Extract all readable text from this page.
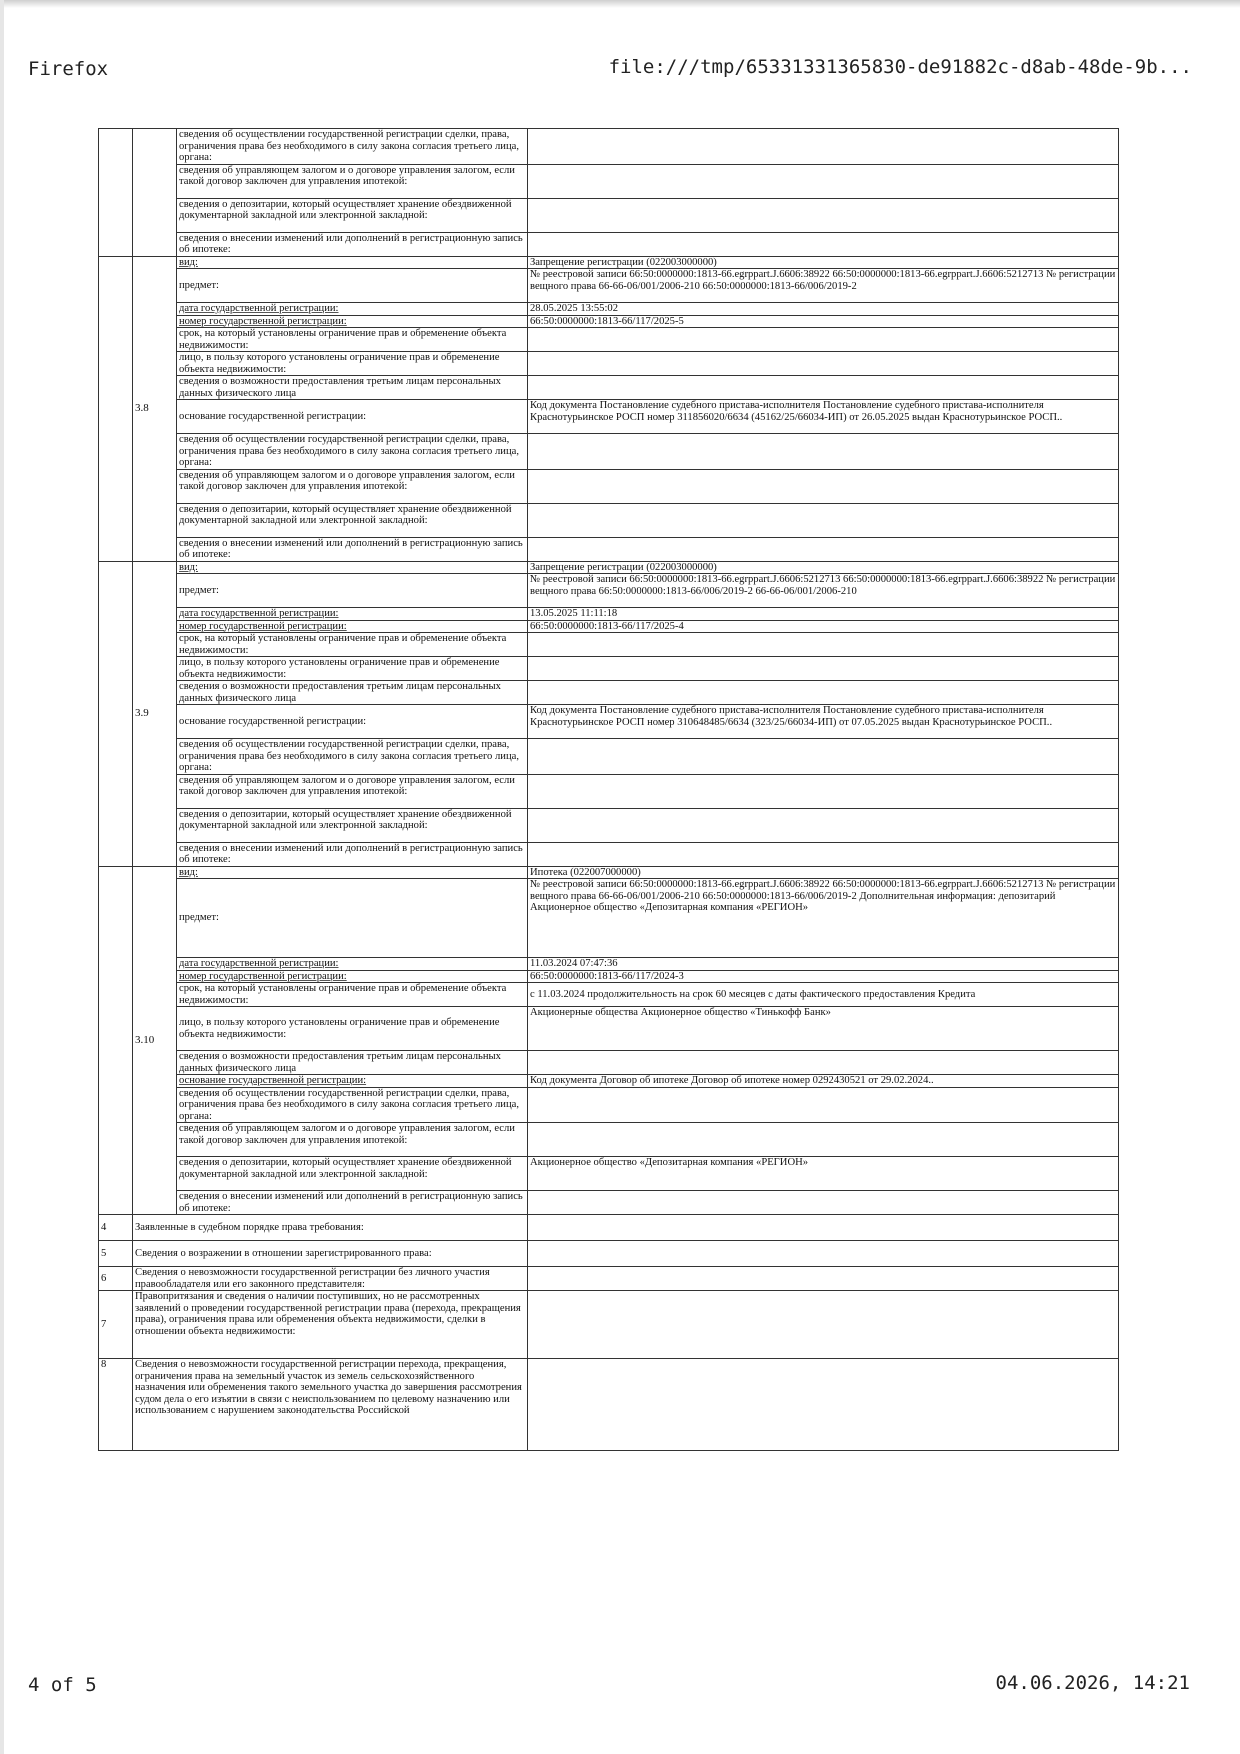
Firefox	file:///tmp/65331331365830-de91882c-d8ab-48de-9b...
		сведения об осуществлении государственной регистрации сделки, права, ограничения права без необходимого в силу закона согласия третьего лица, органа:	
		сведения об управляющем залогом и о договоре управления залогом, если такой договор заключен для управления ипотекой:	
		сведения о депозитарии, который осуществляет хранение обездвиженной документарной закладной или электронной закладной:	
		сведения о внесении изменений или дополнений в регистрационную запись об ипотеке:	
	3.8	вид:	Запрещение регистрации (022003000000)
		предмет:	№ реестровой записи 66:50:0000000:1813-66.egrppart.J.6606:38922 66:50:0000000:1813-66.egrppart.J.6606:5212713 № регистрации вещного права 66-66-06/001/2006-210 66:50:0000000:1813-66/006/2019-2
		дата государственной регистрации:	28.05.2025 13:55:02
		номер государственной регистрации:	66:50:0000000:1813-66/117/2025-5
		срок, на который установлены ограничение прав и обременение объекта недвижимости:	
		лицо, в пользу которого установлены ограничение прав и обременение объекта недвижимости:	
		сведения о возможности предоставления третьим лицам персональных данных физического лица	
		основание государственной регистрации:	Код документа Постановление судебного пристава-исполнителя Постановление судебного пристава-исполнителя Краснотурьинское РОСП номер 311856020/6634 (45162/25/66034-ИП) от 26.05.2025 выдан Краснотурьинское РОСП..
		сведения об осуществлении государственной регистрации сделки, права, ограничения права без необходимого в силу закона согласия третьего лица, органа:	
		сведения об управляющем залогом и о договоре управления залогом, если такой договор заключен для управления ипотекой:	
		сведения о депозитарии, который осуществляет хранение обездвиженной документарной закладной или электронной закладной:	
		сведения о внесении изменений или дополнений в регистрационную запись об ипотеке:	
	3.9	вид:	Запрещение регистрации (022003000000)
		предмет:	№ реестровой записи 66:50:0000000:1813-66.egrppart.J.6606:5212713 66:50:0000000:1813-66.egrppart.J.6606:38922 № регистрации вещного права 66:50:0000000:1813-66/006/2019-2 66-66-06/001/2006-210
		дата государственной регистрации:	13.05.2025 11:11:18
		номер государственной регистрации:	66:50:0000000:1813-66/117/2025-4
		срок, на который установлены ограничение прав и обременение объекта недвижимости:	
		лицо, в пользу которого установлены ограничение прав и обременение объекта недвижимости:	
		сведения о возможности предоставления третьим лицам персональных данных физического лица	
		основание государственной регистрации:	Код документа Постановление судебного пристава-исполнителя Постановление судебного пристава-исполнителя Краснотурьинское РОСП номер 310648485/6634 (323/25/66034-ИП) от 07.05.2025 выдан Краснотурьинское РОСП..
		сведения об осуществлении государственной регистрации сделки, права, ограничения права без необходимого в силу закона согласия третьего лица, органа:	
		сведения об управляющем залогом и о договоре управления залогом, если такой договор заключен для управления ипотекой:	
		сведения о депозитарии, который осуществляет хранение обездвиженной документарной закладной или электронной закладной:	
		сведения о внесении изменений или дополнений в регистрационную запись об ипотеке:	
	3.10	вид:	Ипотека (022007000000)
		предмет:	№ реестровой записи 66:50:0000000:1813-66.egrppart.J.6606:38922 66:50:0000000:1813-66.egrppart.J.6606:5212713 № регистрации вещного права 66-66-06/001/2006-210 66:50:0000000:1813-66/006/2019-2 Дополнительная информация: депозитарий Акционерное общество «Депозитарная компания «РЕГИОН»
		дата государственной регистрации:	11.03.2024 07:47:36
		номер государственной регистрации:	66:50:0000000:1813-66/117/2024-3
		срок, на который установлены ограничение прав и обременение объекта недвижимости:	с 11.03.2024 продолжительность на срок 60 месяцев с даты фактического предоставления Кредита
		лицо, в пользу которого установлены ограничение прав и обременение объекта недвижимости:	Акционерные общества Акционерное общество «Тинькофф Банк»
		сведения о возможности предоставления третьим лицам персональных данных физического лица	
		основание государственной регистрации:	Код документа Договор об ипотеке Договор об ипотеке номер 0292430521 от 29.02.2024..
		сведения об осуществлении государственной регистрации сделки, права, ограничения права без необходимого в силу закона согласия третьего лица, органа:	
		сведения об управляющем залогом и о договоре управления залогом, если такой договор заключен для управления ипотекой:	
		сведения о депозитарии, который осуществляет хранение обездвиженной документарной закладной или электронной закладной:	Акционерное общество «Депозитарная компания «РЕГИОН»
		сведения о внесении изменений или дополнений в регистрационную запись об ипотеке:	
4	Заявленные в судебном порядке права требования:		
5	Сведения о возражении в отношении зарегистрированного права:		
6	Сведения о невозможности государственной регистрации без личного участия правообладателя или его законного представителя:		
7	Правопритязания и сведения о наличии поступивших, но не рассмотренных заявлений о проведении государственной регистрации права (перехода, прекращения права), ограничения права или обременения объекта недвижимости, сделки в отношении объекта недвижимости:		
8	Сведения о невозможности государственной регистрации перехода, прекращения, ограничения права на земельный участок из земель сельскохозяйственного назначения или обременения такого земельного участка до завершения рассмотрения судом дела о его изъятии в связи с неиспользованием по целевому назначению или использованием с нарушением законодательства Российской		
4 of 5	04.06.2026, 14:21
